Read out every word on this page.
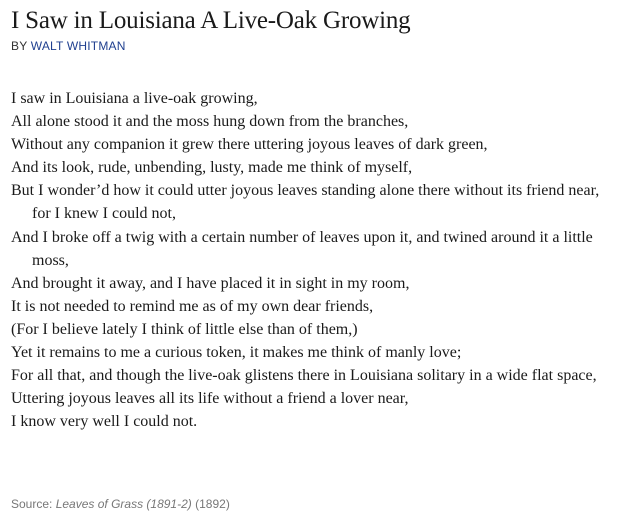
I Saw in Louisiana A Live-Oak Growing
BY WALT WHITMAN

I saw in Louisiana a live-oak growing,

All alone stood it and the moss hung down from the branches,

Without any companion it grew there uttering joyous leaves of dark green,

And its look, rude, unbending, lusty, made me think of myself,

But I wonder’d how it could utter joyous leaves standing alone there without its friend near, for I knew I could not,

And I broke off a twig with a certain number of leaves upon it, and twined around it a little moss,

And brought it away, and I have placed it in sight in my room,

It is not needed to remind me as of my own dear friends,

(For I believe lately I think of little else than of them,)

Yet it remains to me a curious token, it makes me think of manly love;

For all that, and though the live-oak glistens there in Louisiana solitary in a wide flat space,

Uttering joyous leaves all its life without a friend a lover near,

I know very well I could not.

Source: Leaves of Grass (1891-2) (1892)
